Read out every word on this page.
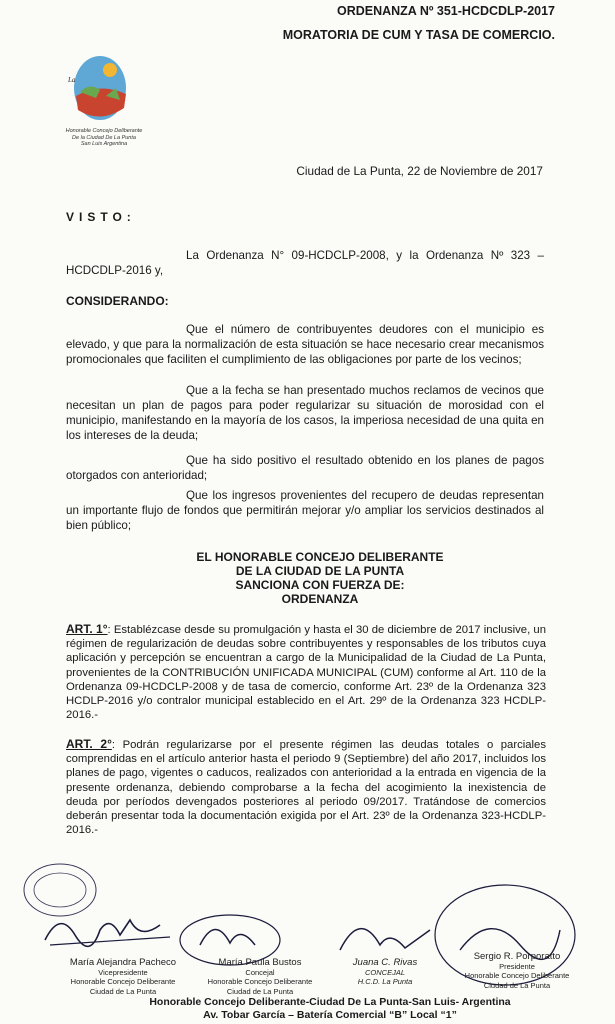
ORDENANZA Nº 351-HCDCDLP-2017
MORATORIA DE CUM Y TASA DE COMERCIO.
La
Honorable Concejo Deliberante
De la Ciudad De La Punta
San Luis Argentina
Ciudad de La Punta, 22 de Noviembre de 2017
VISTO:
La Ordenanza N° 09-HCDCLP-2008, y la Ordenanza Nº 323 – HCDCDLP-2016 y,
CONSIDERANDO:
Que el número de contribuyentes deudores con el municipio es elevado, y que para la normalización de esta situación se hace necesario crear mecanismos promocionales que faciliten el cumplimiento de las obligaciones por parte de los vecinos;
Que a la fecha se han presentado muchos reclamos de vecinos que necesitan un plan de pagos para poder regularizar su situación de morosidad con el municipio, manifestando en la mayoría de los casos, la imperiosa necesidad de una quita en los intereses de la deuda;
Que ha sido positivo el resultado obtenido en los planes de pagos otorgados con anterioridad;
Que los ingresos provenientes del recupero de deudas representan un importante flujo de fondos que permitirán mejorar y/o ampliar los servicios destinados al bien público;
EL HONORABLE CONCEJO DELIBERANTE
DE LA CIUDAD DE LA PUNTA
SANCIONA CON FUERZA DE:
ORDENANZA
ART. 1°: Establézcase desde su promulgación y hasta el 30 de diciembre de 2017 inclusive, un régimen de regularización de deudas sobre contribuyentes y responsables de los tributos cuya aplicación y percepción se encuentran a cargo de la Municipalidad de la Ciudad de La Punta, provenientes de la CONTRIBUCIÓN UNIFICADA MUNICIPAL (CUM) conforme al Art. 110 de la Ordenanza 09-HCDCLP-2008 y de tasa de comercio, conforme Art. 23º de la Ordenanza 323 HCDLP-2016 y/o contralor municipal establecido en el Art. 29º de la Ordenanza 323 HCDLP-2016.-
ART. 2°: Podrán regularizarse por el presente régimen las deudas totales o parciales comprendidas en el artículo anterior hasta el periodo 9 (Septiembre) del año 2017, incluidos los planes de pago, vigentes o caducos, realizados con anterioridad a la entrada en vigencia de la presente ordenanza, debiendo comprobarse a la fecha del acogimiento la inexistencia de deuda por períodos devengados posteriores al periodo 09/2017. Tratándose de comercios deberán presentar toda la documentación exigida por el Art. 23º de la Ordenanza 323-HCDLP-2016.-
María Alejandra Pacheco
Vicepresidente
Honorable Concejo Deliberante
Ciudad de La Punta
María Paula Bustos
Concejal
Honorable Concejo Deliberante
Ciudad de La Punta
Juana C. Rivas
CONCEJAL
H.C.D. La Punta
Sergio R. Porporatto
Presidente
Honorable Concejo Deliberante
Ciudad de La Punta
Honorable Concejo Deliberante-Ciudad De La Punta-San Luis- Argentina
Av. Tobar García – Batería Comercial “B” Local “1”
